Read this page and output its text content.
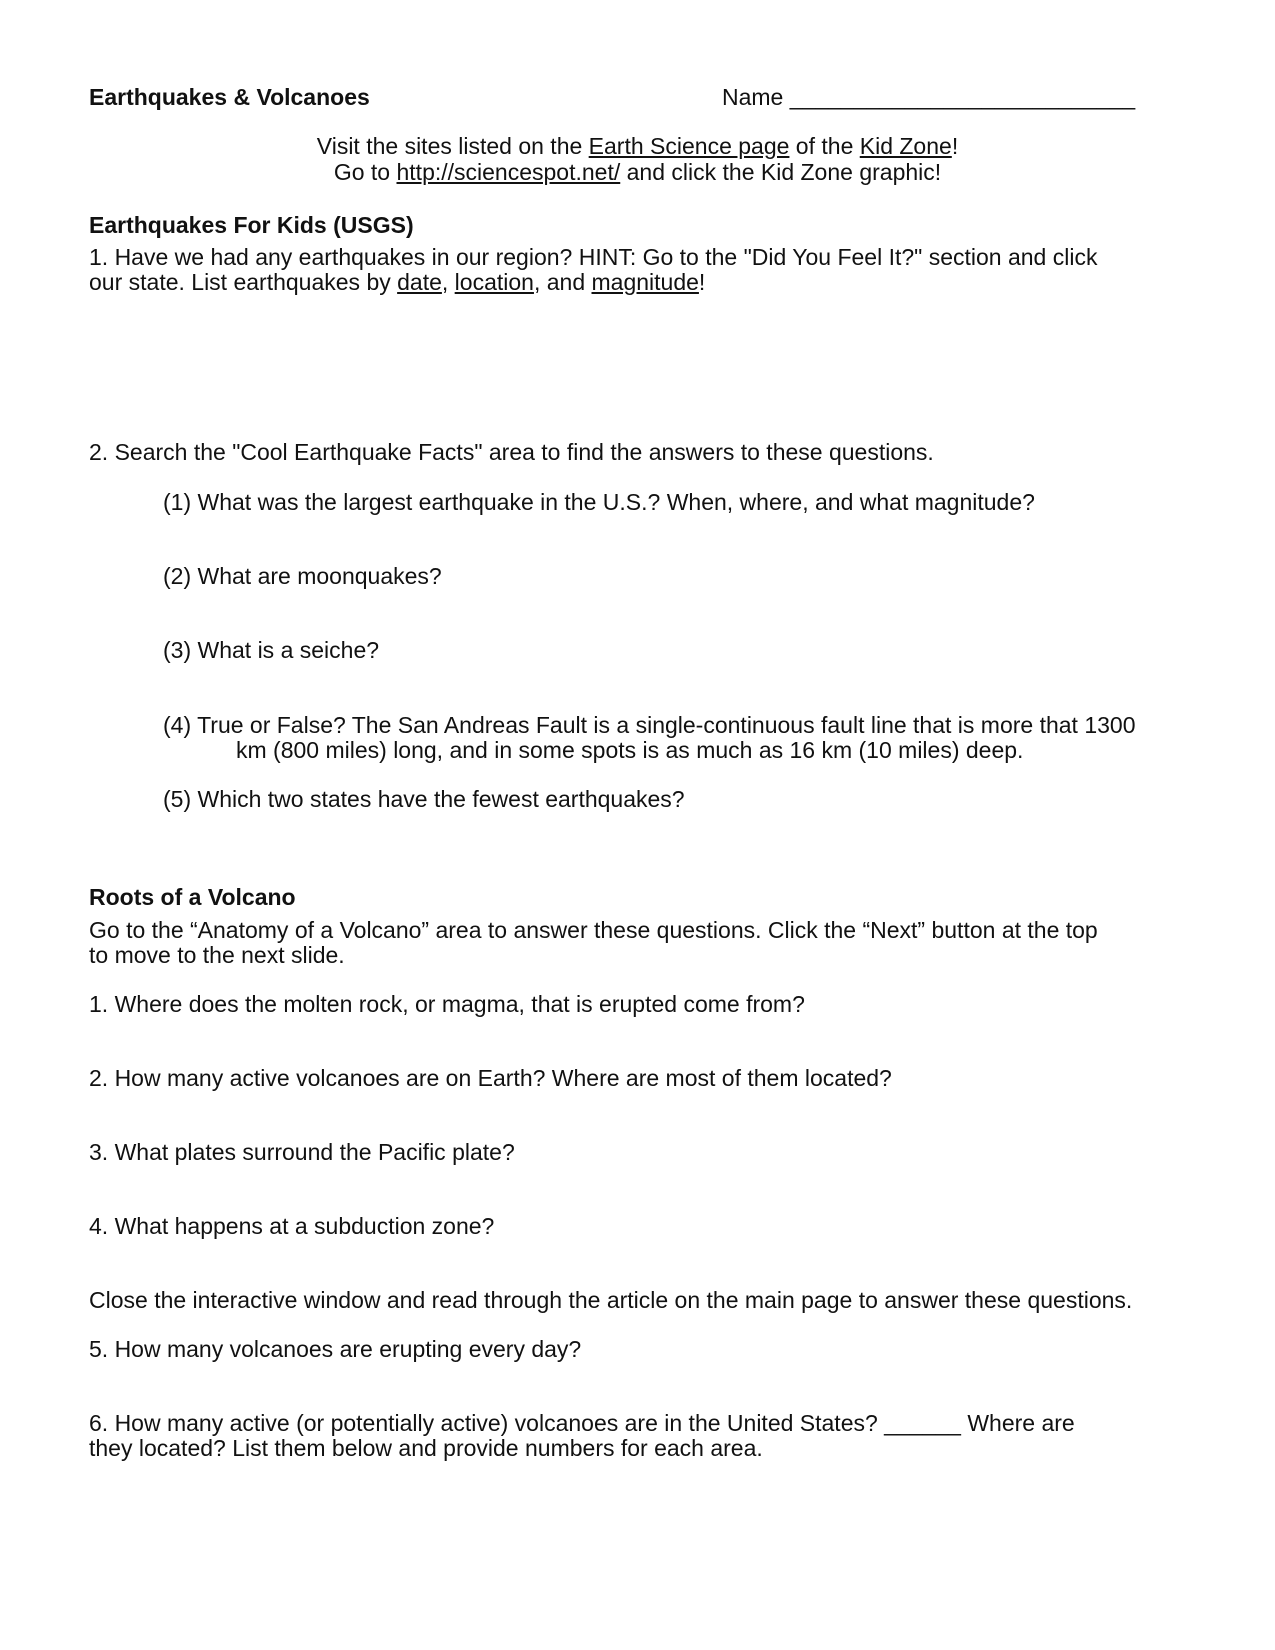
Earthquakes & Volcanoes	Name ___________________________
Visit the sites listed on the Earth Science page of the Kid Zone!
Go to http://sciencespot.net/ and click the Kid Zone graphic!
Earthquakes For Kids (USGS)
1. Have we had any earthquakes in our region? HINT: Go to the "Did You Feel It?" section and click
our state. List earthquakes by date, location, and magnitude!
2. Search the "Cool Earthquake Facts" area to find the answers to these questions.
(1) What was the largest earthquake in the U.S.? When, where, and what magnitude?
(2) What are moonquakes?
(3) What is a seiche?
(4) True or False? The San Andreas Fault is a single-continuous fault line that is more that 1300
km (800 miles) long, and in some spots is as much as 16 km (10 miles) deep.
(5) Which two states have the fewest earthquakes?
Roots of a Volcano
Go to the “Anatomy of a Volcano” area to answer these questions. Click the “Next” button at the top
to move to the next slide.
1. Where does the molten rock, or magma, that is erupted come from?
2. How many active volcanoes are on Earth? Where are most of them located?
3. What plates surround the Pacific plate?
4. What happens at a subduction zone?
Close the interactive window and read through the article on the main page to answer these questions.
5. How many volcanoes are erupting every day?
6. How many active (or potentially active) volcanoes are in the United States? ______ Where are
they located? List them below and provide numbers for each area.
